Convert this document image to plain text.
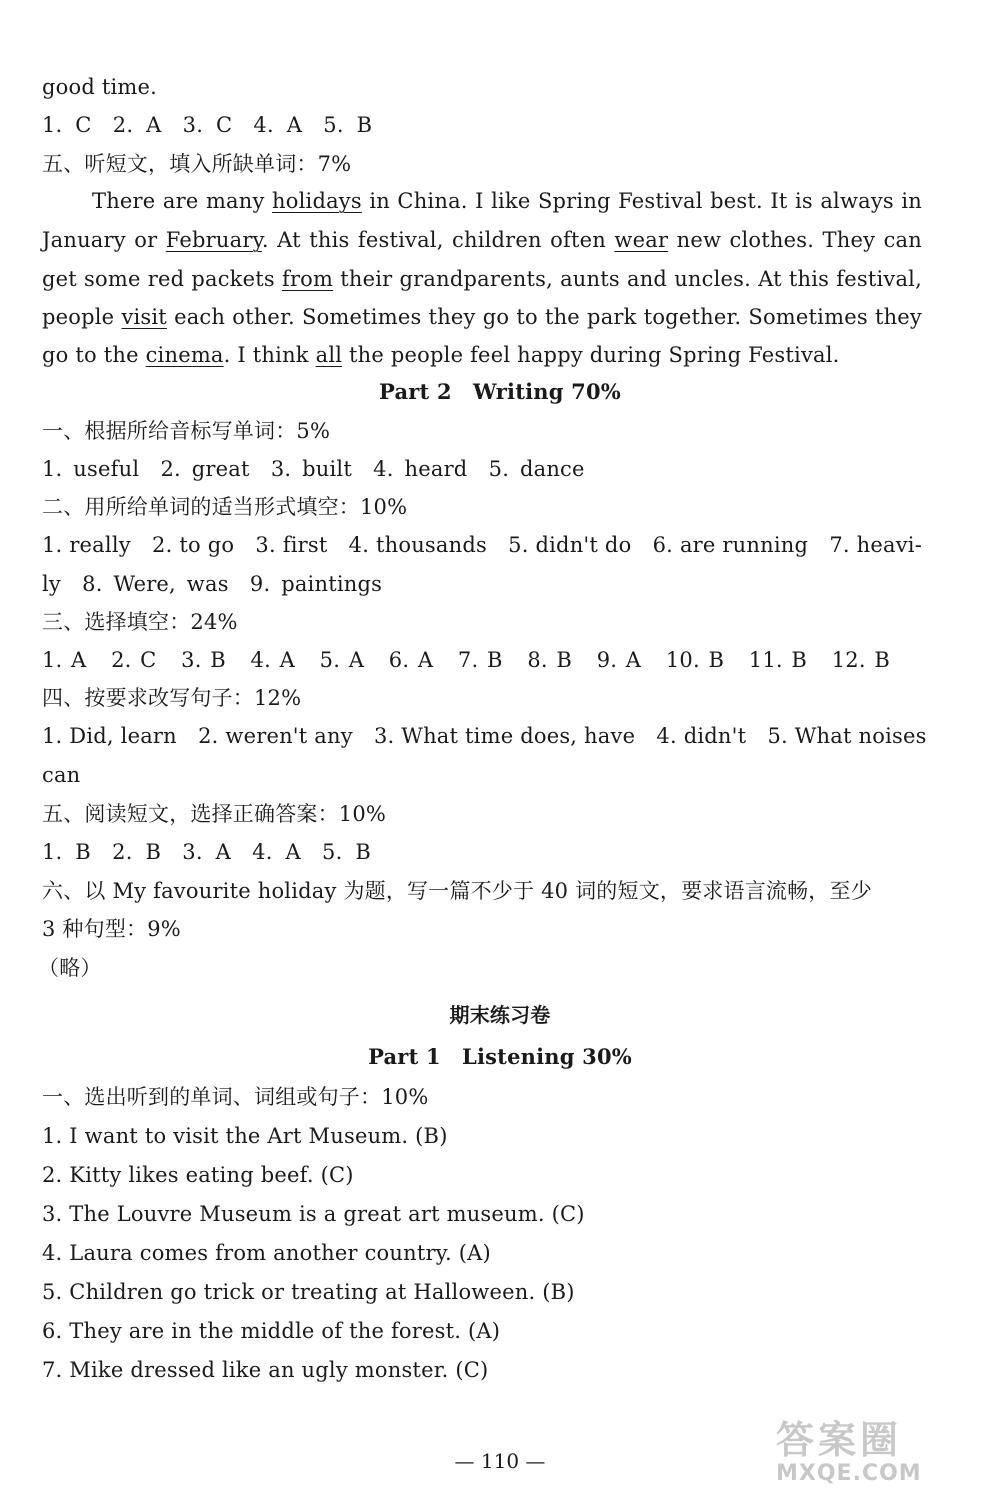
good time.
1. C　2. A　3. C　4. A　5. B
五、听短文，填入所缺单词：7%
There are many holidays in China. I like Spring Festival best. It is always in
January or February. At this festival, children often wear new clothes. They can
get some red packets from their grandparents, aunts and uncles. At this festival,
people visit each other. Sometimes they go to the park together. Sometimes they
go to the cinema. I think all the people feel happy during Spring Festival.
Part 2　Writing 70%
一、根据所给音标写单词：5%
1. useful　2. great　3. built　4. heard　5. dance
二、用所给单词的适当形式填空：10%
1. really　2. to go　3. first　4. thousands　5. didn't do　6. are running　7. heavi-
ly　8. Were, was　9. paintings
三、选择填空：24%
1. A　2. C　3. B　4. A　5. A　6. A　7. B　8. B　9. A　10. B　11. B　12. B
四、按要求改写句子：12%
1. Did, learn　2. weren't any　3. What time does, have　4. didn't　5. What noises
can
五、阅读短文，选择正确答案：10%
1. B　2. B　3. A　4. A　5. B
六、以 My favourite holiday 为题，写一篇不少于 40 词的短文，要求语言流畅，至少
3 种句型：9%
（略）
期末练习卷
Part 1　Listening 30%
一、选出听到的单词、词组或句子：10%
1. I want to visit the Art Museum. (B)
2. Kitty likes eating beef. (C)
3. The Louvre Museum is a great art museum. (C)
4. Laura comes from another country. (A)
5. Children go trick or treating at Halloween. (B)
6. They are in the middle of the forest. (A)
7. Mike dressed like an ugly monster. (C)
— 110 —	答案圈
MXQE.COM
